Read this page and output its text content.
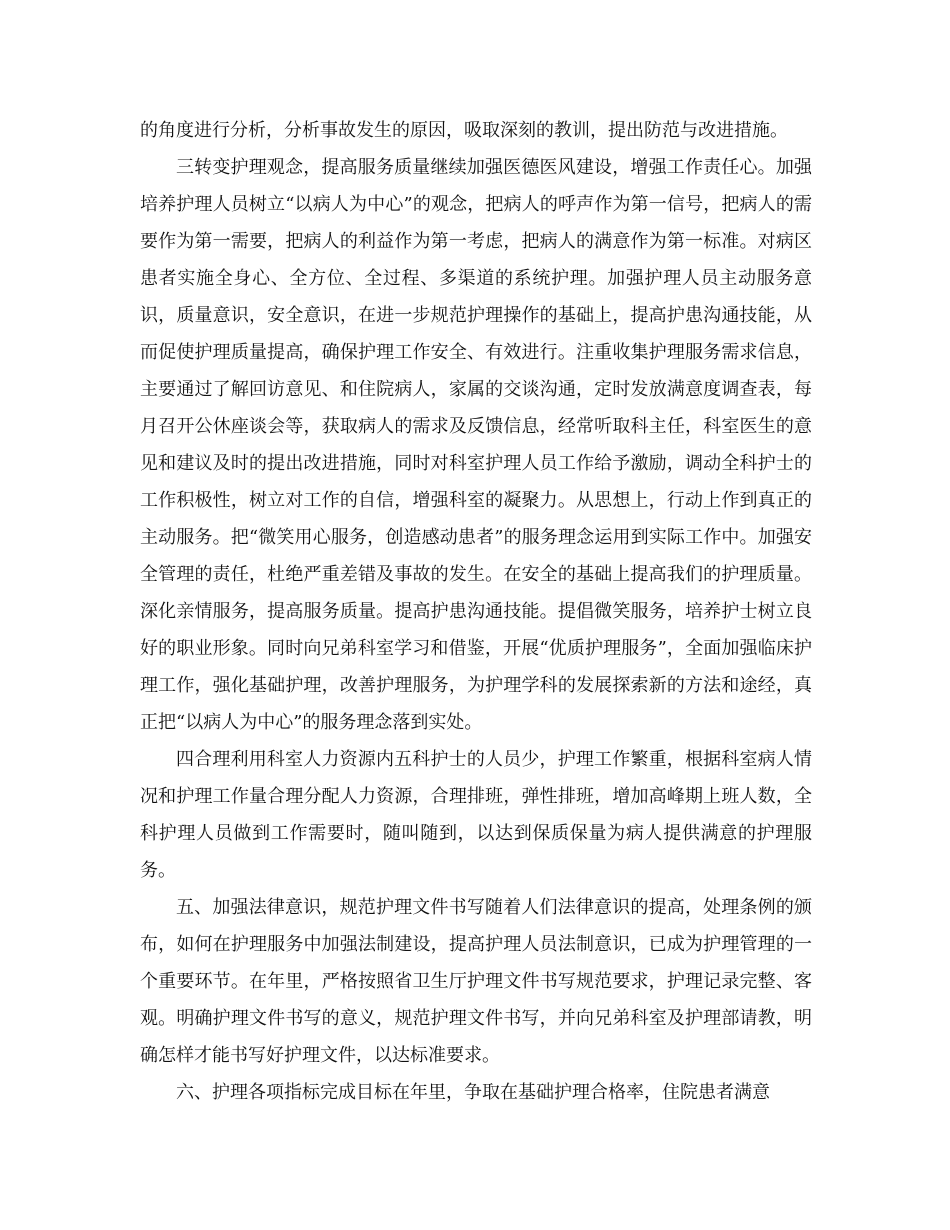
的角度进行分析，分析事故发生的原因，吸取深刻的教训，提出防范与改进措施。

三转变护理观念，提高服务质量继续加强医德医风建设，增强工作责任心。加强培养护理人员树立“以病人为中心”的观念，把病人的呼声作为第一信号，把病人的需要作为第一需要，把病人的利益作为第一考虑，把病人的满意作为第一标准。对病区患者实施全身心、全方位、全过程、多渠道的系统护理。加强护理人员主动服务意识，质量意识，安全意识，在进一步规范护理操作的基础上，提高护患沟通技能，从而促使护理质量提高，确保护理工作安全、有效进行。注重收集护理服务需求信息，主要通过了解回访意见、和住院病人，家属的交谈沟通，定时发放满意度调查表，每月召开公休座谈会等，获取病人的需求及反馈信息，经常听取科主任，科室医生的意见和建议及时的提出改进措施，同时对科室护理人员工作给予激励，调动全科护士的工作积极性，树立对工作的自信，增强科室的凝聚力。从思想上，行动上作到真正的主动服务。把“微笑用心服务，创造感动患者”的服务理念运用到实际工作中。加强安全管理的责任，杜绝严重差错及事故的发生。在安全的基础上提高我们的护理质量。深化亲情服务，提高服务质量。提高护患沟通技能。提倡微笑服务，培养护士树立良好的职业形象。同时向兄弟科室学习和借鉴，开展“优质护理服务”，全面加强临床护理工作，强化基础护理，改善护理服务，为护理学科的发展探索新的方法和途经，真正把“以病人为中心”的服务理念落到实处。

四合理利用科室人力资源内五科护士的人员少，护理工作繁重，根据科室病人情况和护理工作量合理分配人力资源，合理排班，弹性排班，增加高峰期上班人数，全科护理人员做到工作需要时，随叫随到，以达到保质保量为病人提供满意的护理服务。

五、加强法律意识，规范护理文件书写随着人们法律意识的提高，处理条例的颁布，如何在护理服务中加强法制建设，提高护理人员法制意识，已成为护理管理的一个重要环节。在年里，严格按照省卫生厅护理文件书写规范要求，护理记录完整、客观。明确护理文件书写的意义，规范护理文件书写，并向兄弟科室及护理部请教，明确怎样才能书写好护理文件，以达标准要求。

六、护理各项指标完成目标在年里，争取在基础护理合格率，住院患者满意
